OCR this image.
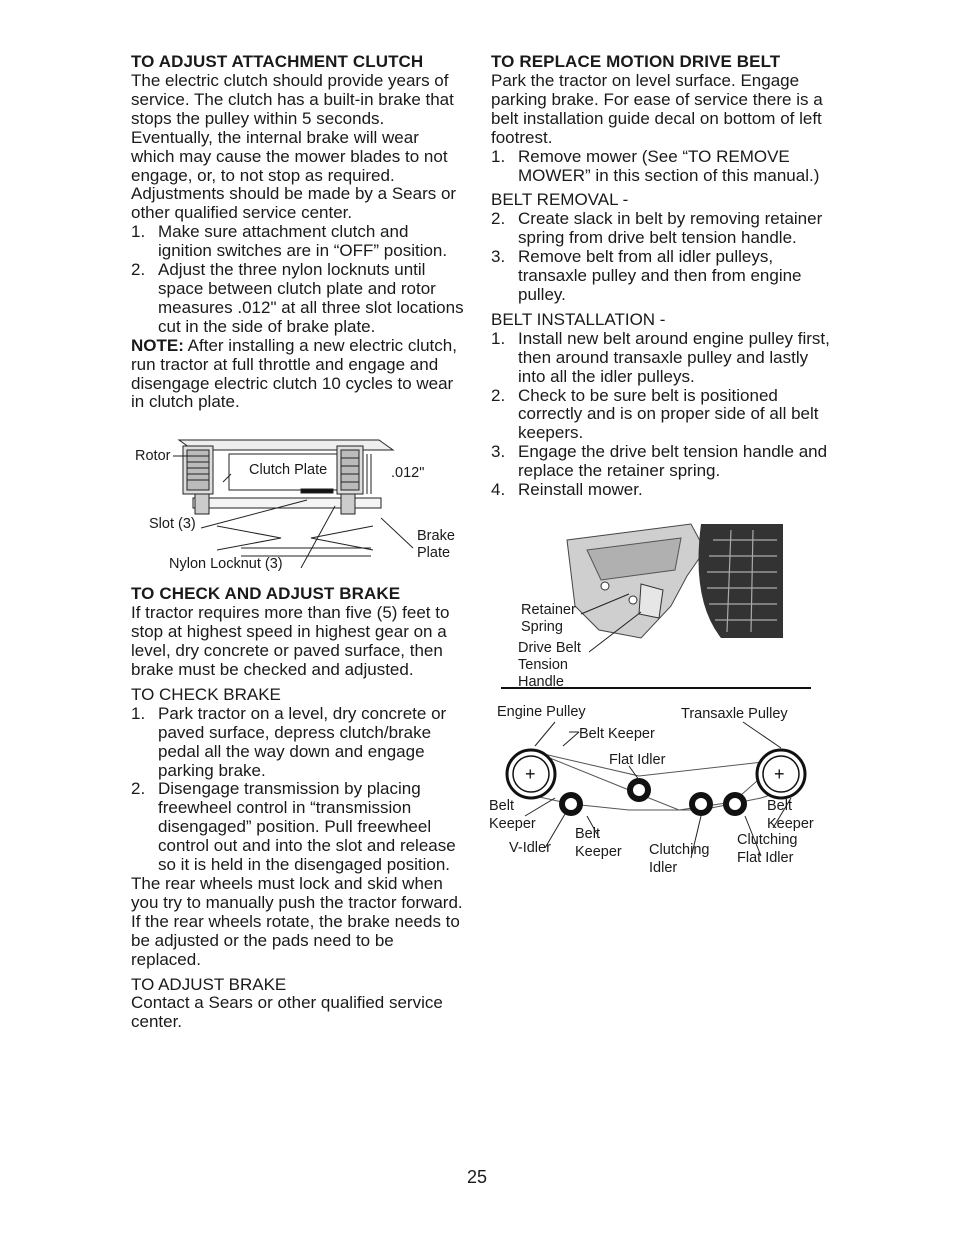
TO ADJUST ATTACHMENT CLUTCH

The electric clutch should provide years of service. The clutch has a built-in brake that stops the pulley within 5 seconds. Eventually, the internal brake will wear which may cause the mower blades to not engage, or, to not stop as required. Adjustments should be made by a Sears or other qualified service center.

1. Make sure attachment clutch and ignition switches are in “OFF” position.
2. Adjust the three nylon locknuts until space between clutch plate and rotor measures .012" at all three slot locations cut in the side of brake plate.

NOTE: After installing a new electric clutch, run tractor at full throttle and engage and disengage electric clutch 10 cycles to wear in clutch plate.

Rotor
Clutch Plate	.012"
Slot (3)
Brake
Plate
Nylon Locknut (3)
TO CHECK AND ADJUST BRAKE

If tractor requires more than five (5) feet to stop at highest speed in highest gear on a level, dry concrete or paved surface, then brake must be checked and adjusted.

TO CHECK BRAKE

1. Park tractor on a level, dry concrete or paved surface, depress clutch/brake pedal all the way down and engage parking brake.
2. Disengage transmission by placing freewheel control in “transmission disengaged” position. Pull freewheel control out and into the slot and release so it is held in the disengaged position.

The rear wheels must lock and skid when you try to manually push the tractor forward. If the rear wheels rotate, the brake needs to be adjusted or the pads need to be replaced.

TO ADJUST BRAKE

Contact a Sears or other qualified service center.

TO REPLACE MOTION DRIVE BELT

Park the tractor on level surface. Engage parking brake. For ease of service there is a belt installation guide decal on bottom of left footrest.

1. Remove mower (See “TO REMOVE MOWER” in this section of this manual.)

BELT REMOVAL -

2. Create slack in belt by removing retainer spring from drive belt tension handle.
3. Remove belt from all idler pulleys, transaxle pulley and then from engine pulley.

BELT INSTALLATION -

1. Install new belt around engine pulley first, then around transaxle pulley and lastly into all the idler pulleys.
2. Check to be sure belt is positioned correctly and is on proper side of all belt keepers.
3. Engage the drive belt tension handle and replace the retainer spring.
4. Reinstall mower.
Retainer
Spring
Drive Belt
Tension
Handle
+	+
Engine Pulley	Transaxle Pulley
Belt Keeper
Flat Idler
Belt
Keeper
V-Idler
Belt
Keeper Clutching
Idler
Belt
Keeper
Clutching
Flat Idler
25
